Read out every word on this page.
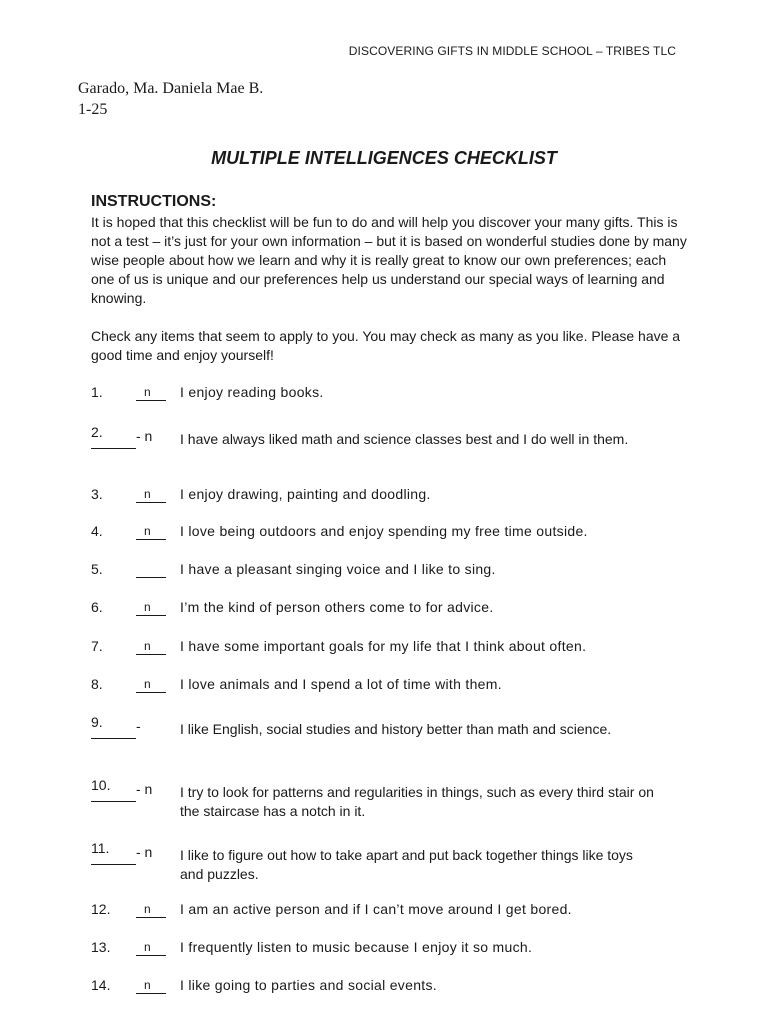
DISCOVERING GIFTS IN MIDDLE SCHOOL – TRIBES TLC
Garado, Ma. Daniela Mae B.
1-25
MULTIPLE INTELLIGENCES CHECKLIST
INSTRUCTIONS:
It is hoped that this checklist will be fun to do and will help you discover your many gifts. This is not a test – it’s just for your own information – but it is based on wonderful studies done by many wise people about how we learn and why it is really great to know our own preferences; each one of us is unique and our preferences help us understand our special ways of learning and knowing.
Check any items that seem to apply to you. You may check as many as you like. Please have a good time and enjoy yourself!
1.	n I enjoy reading books.
2. - n I have always liked math and science classes best and I do well in them.
3.	n I enjoy drawing, painting and doodling.
4.	n I love being outdoors and enjoy spending my free time outside.
5.	I have a pleasant singing voice and I like to sing.
6.	n I’m the kind of person others come to for advice.
7.	n I have some important goals for my life that I think about often.
8.	n I love animals and I spend a lot of time with them.
9. -	I like English, social studies and history better than math and science.
10. - n I try to look for patterns and regularities in things, such as every third stair on the staircase has a notch in it.
11. - n I like to figure out how to take apart and put back together things like toys and puzzles.
12.	n I am an active person and if I can’t move around I get bored.
13.	n I frequently listen to music because I enjoy it so much.
14.	n I like going to parties and social events.
